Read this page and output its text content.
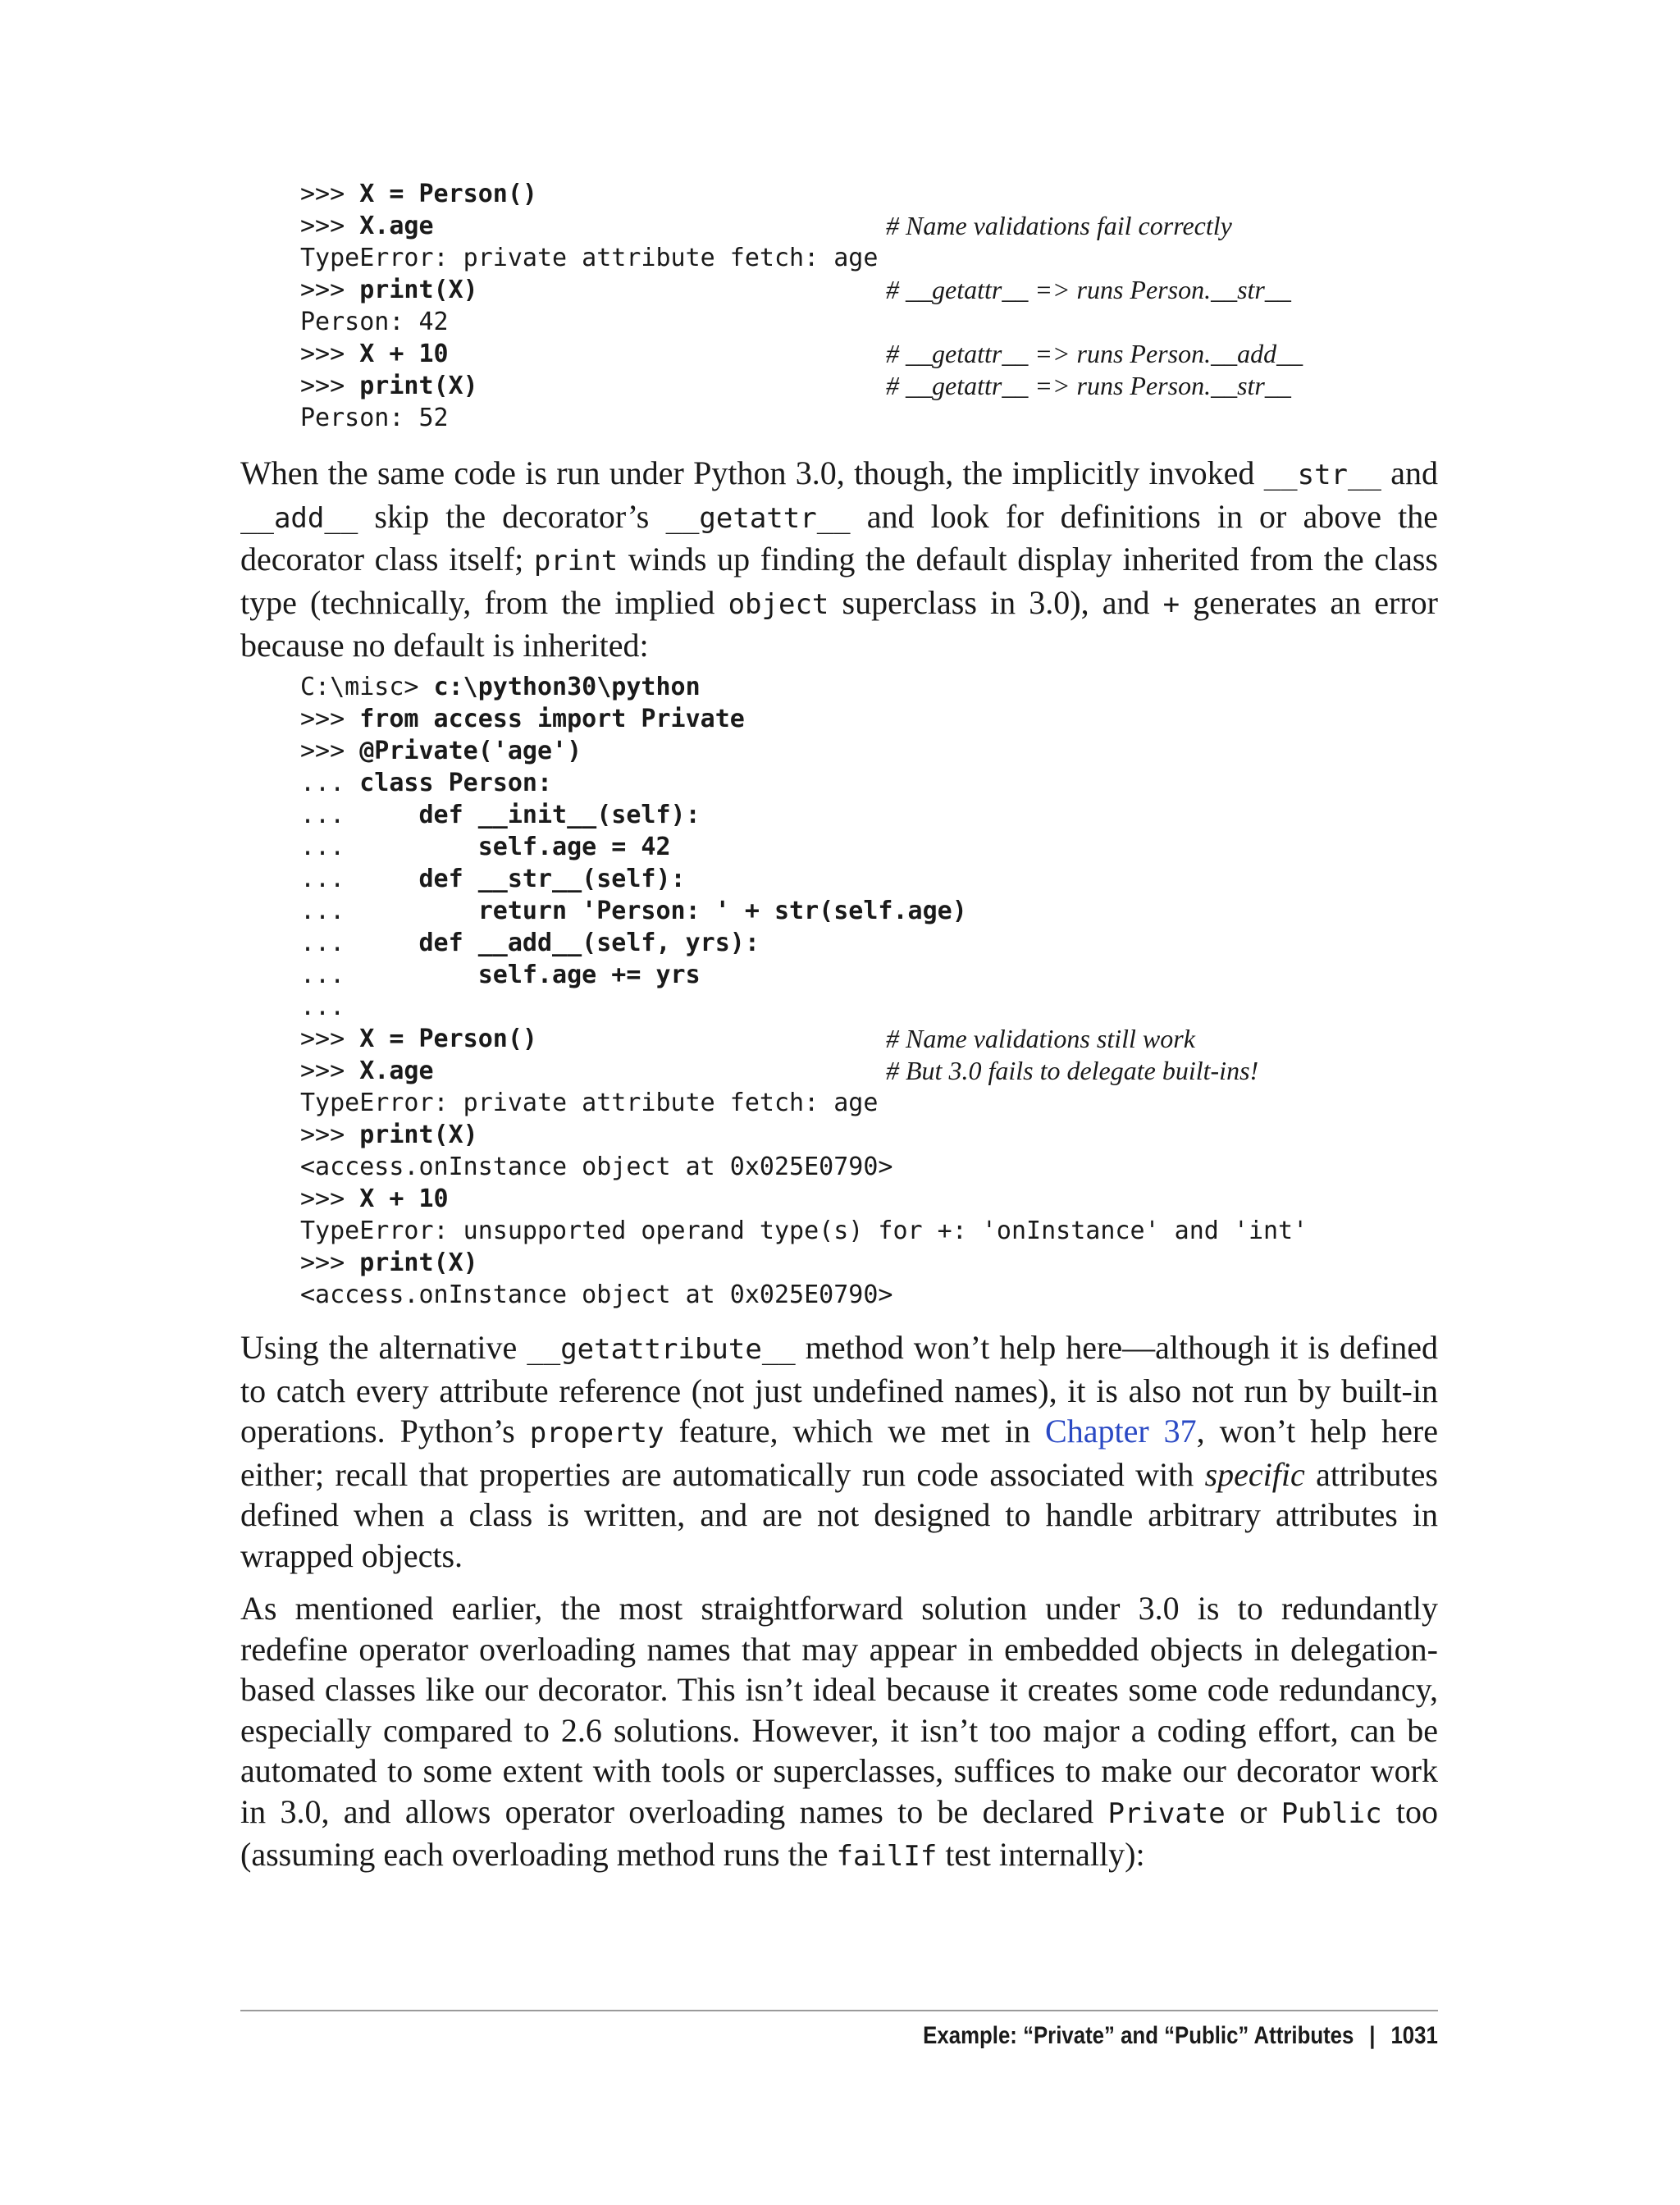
>>> X = Person()
>>> X.age	# Name validations fail correctly
TypeError: private attribute fetch: age
>>> print(X)	# __getattr__ => runs Person.__str__
Person: 42
>>> X + 10	# __getattr__ => runs Person.__add__
>>> print(X)	# __getattr__ => runs Person.__str__
Person: 52

When the same code is run under Python 3.0, though, the implicitly invoked __str__ and __add__ skip the decorator’s __getattr__ and look for definitions in or above the decorator class itself; print winds up finding the default display inherited from the class type (technically, from the implied object superclass in 3.0), and + generates an error because no default is inherited:

C:\misc> c:\python30\python
>>> from access import Private
>>> @Private('age')
... class Person:
...     def __init__(self):
...         self.age = 42
...     def __str__(self):
...         return 'Person: ' + str(self.age)
...     def __add__(self, yrs):
...         self.age += yrs
...
>>> X = Person()	# Name validations still work
>>> X.age	# But 3.0 fails to delegate built-ins!
TypeError: private attribute fetch: age
>>> print(X)
<access.onInstance object at 0x025E0790>
>>> X + 10
TypeError: unsupported operand type(s) for +: 'onInstance' and 'int'
>>> print(X)
<access.onInstance object at 0x025E0790>

Using the alternative __getattribute__ method won’t help here—although it is defined to catch every attribute reference (not just undefined names), it is also not run by built-in operations. Python’s property feature, which we met in Chapter 37, won’t help here either; recall that properties are automatically run code associated with specific attributes defined when a class is written, and are not designed to handle arbitrary attributes in wrapped objects.

As mentioned earlier, the most straightforward solution under 3.0 is to redundantly redefine operator overloading names that may appear in embedded objects in delegation-based classes like our decorator. This isn’t ideal because it creates some code redundancy, especially compared to 2.6 solutions. However, it isn’t too major a coding effort, can be automated to some extent with tools or superclasses, suffices to make our decorator work in 3.0, and allows operator overloading names to be declared Private or Public too (assuming each overloading method runs the failIf test internally):

Example: “Private” and “Public” Attributes | 1031
